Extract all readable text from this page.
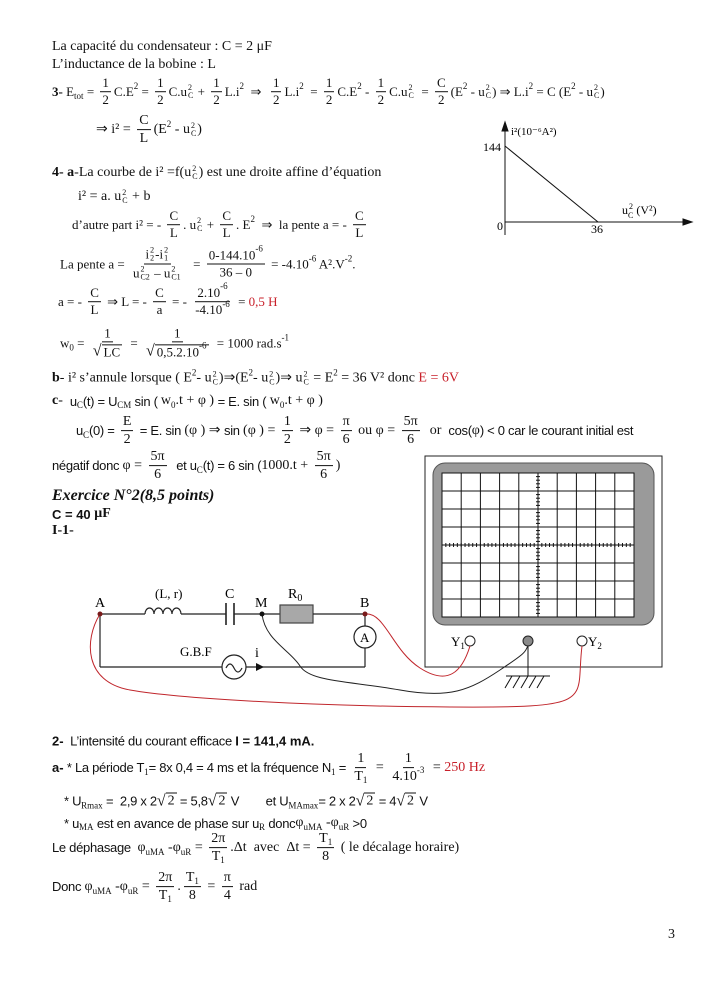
La capacité du condensateur : C = 2 μF
L’inductance de la bobine : L
3- E tot = $\frac{1}{2} C.E$ $2 = \frac{1}{2} C.u$ 2
$C + \frac{1}{2} L.i$ 2 ⇒ $\frac{1}{2} L.i$ $2 = \frac{1}{2} C.E$ $2 - \frac{1}{2} C.u$ 2
$C = \frac{C}{2} (E$ 2 - u 2
C ) ⇒ L.i 2 = C (E 2 - u 2
C )
⇒ $i^2 = \frac{C}{L} (E$ 2 - u 2
C )
4- a -La courbe de i² =f(u 2
C ) est une droite affine d’équation
i² = a. u 2
C + b
d’autre part i² = - $\frac{C}{L}$ . u 2
$C + \frac{C}{L}$ . E 2 ⇒  la pente a = - $\frac{C}{L}$
La pente a = i 2
2 -i 2
1
u 2
C2 – u 2
$C1 = \frac{0-144.10 -6}{36 - 0} = -4.10$ -6 A².V -2 .
a = - $\frac{C}{L}$ ⇒ L = - $\frac{C}{a}$ = - $\frac{2.10 -6}{-4.10 -6} = 0,5$ H
w $0 = \frac{1}{√ LC} = \frac{1}{√ 0,5.2.10 -6} = 1000$ rad.s -1
b - i² s’annule lorsque ( E 2 - u 2
C )⇒(E 2 - u 2
C )⇒ u 2
C = E 2 = 36 V² donc E = 6V
c - u C (t) = U CM sin ( w 0 .t + φ ) = E. sin ( w 0 .t + φ )
u C $(0) = \frac{E}{2} = E$. sin (φ ) ⇒ sin (φ ) = $\frac{1}{2}$ ⇒ $\varphi = \frac{\pi}{6}$ ou $\varphi = \frac{5\pi}{6}$ or cos( φ ) < 0 car le courant initial est
négatif donc $\varphi = \frac{5\pi}{6}$ et u C (t) = 6 sin ( $1000.t + \frac{5\pi}{6}$ )
Exercice N°2(8,5 points)
C = 40 μF
I-1-
2- L’intensité du courant efficace I = 141,4 mA.
a- * La période T 1 = 8x 0,4 = 4 ms et la fréquence N $1 = \frac{1}{T 1} = \frac{1}{4.10 -3} = 250$ Hz
* U Rmax =  2,9 x 2 √ 2 = 5,8 √ 2 V        et U MAmax = 2 x 2 √ 2 = 4 √ 2 V
* u MA est en avance de phase sur u R donc φ uMA -φ uR >0
Le déphasage φ uMA -φ uR = $\frac{2\pi}{T 1} .\Delta t$  avec  $\Delta t = \frac{T 1}{8}$ ( le décalage horaire)
Donc φ uMA -φ uR = $\frac{2\pi}{T 1}$ . $\frac{T 1}{8} = \frac{\pi}{4}$ rad
3
i²(10⁻⁶A²)
144
0	36
$u^2$ C (V²)
$Y_1$	$Y_2$
A
(L, r)	C
M
$R_0$	B
A
G.B.F	i
